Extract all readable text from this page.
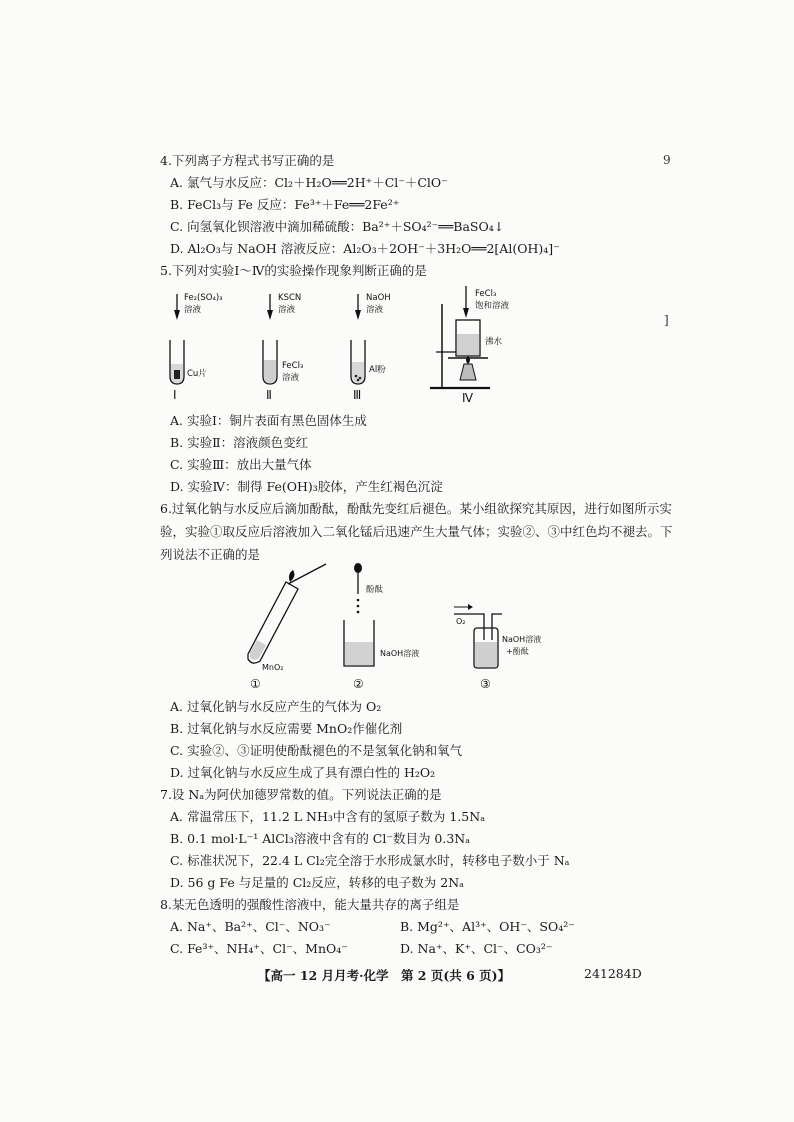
9
]
4.下列离子方程式书写正确的是
A. 氯气与水反应：Cl₂＋H₂O══2H⁺＋Cl⁻＋ClO⁻
B. FeCl₃与 Fe 反应：Fe³⁺＋Fe══2Fe²⁺
C. 向氢氧化钡溶液中滴加稀硫酸：Ba²⁺＋SO₄²⁻══BaSO₄↓
D. Al₂O₃与 NaOH 溶液反应：Al₂O₃＋2OH⁻＋3H₂O══2[Al(OH)₄]⁻
5.下列对实验Ⅰ～Ⅳ的实验操作现象判断正确的是
Fe₂(SO₄)₃
溶液
Cu片
Ⅰ
KSCN
溶液
FeCl₃
溶液
Ⅱ
NaOH
溶液
Al粉
Ⅲ
FeCl₃
饱和溶液
沸水
Ⅳ
A. 实验Ⅰ：铜片表面有黑色固体生成
B. 实验Ⅱ：溶液颜色变红
C. 实验Ⅲ：放出大量气体
D. 实验Ⅳ：制得 Fe(OH)₃胶体，产生红褐色沉淀
6.过氧化钠与水反应后滴加酚酞，酚酞先变红后褪色。某小组欲探究其原因，进行如图所示实
验，实验①取反应后溶液加入二氧化锰后迅速产生大量气体；实验②、③中红色均不褪去。下
列说法不正确的是
MnO₂
①
酚酞
NaOH溶液
②
O₂
NaOH溶液
+酚酞
③
A. 过氧化钠与水反应产生的气体为 O₂
B. 过氧化钠与水反应需要 MnO₂作催化剂
C. 实验②、③证明使酚酞褪色的不是氢氧化钠和氧气
D. 过氧化钠与水反应生成了具有漂白性的 H₂O₂
7.设 Nₐ为阿伏加德罗常数的值。下列说法正确的是
A. 常温常压下，11.2 L NH₃中含有的氢原子数为 1.5Nₐ
B. 0.1 mol·L⁻¹ AlCl₃溶液中含有的 Cl⁻数目为 0.3Nₐ
C. 标准状况下，22.4 L Cl₂完全溶于水形成氯水时，转移电子数小于 Nₐ
D. 56 g Fe 与足量的 Cl₂反应，转移的电子数为 2Nₐ
8.某无色透明的强酸性溶液中，能大量共存的离子组是
A. Na⁺、Ba²⁺、Cl⁻、NO₃⁻	B. Mg²⁺、Al³⁺、OH⁻、SO₄²⁻
C. Fe³⁺、NH₄⁺、Cl⁻、MnO₄⁻	D. Na⁺、K⁺、Cl⁻、CO₃²⁻
【高一 12 月月考·化学　第 2 页(共 6 页)】	241284D
